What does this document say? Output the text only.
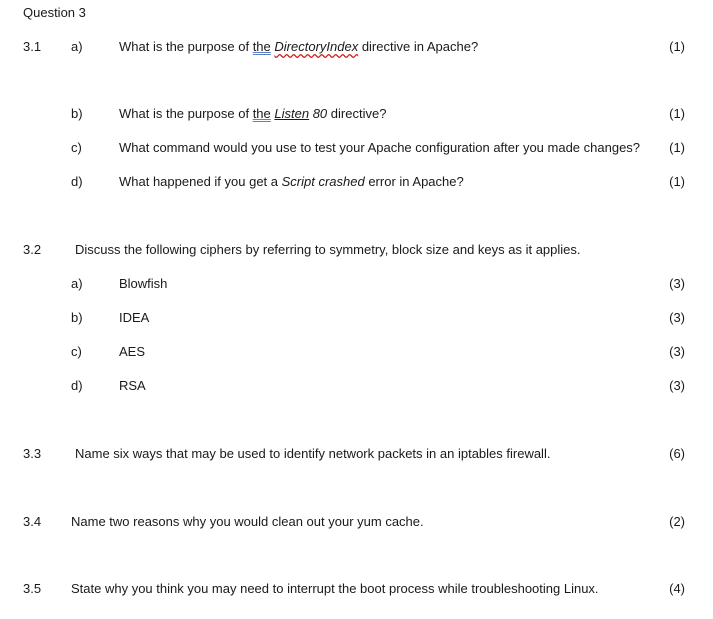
Question 3
3.1 a)	What is the purpose of the DirectoryIndex directive in Apache?	(1)
b)	What is the purpose of the Listen 80 directive?	(1)
c)	What command would you use to test your Apache configuration after you made changes? (1)
d)	What happened if you get a Script crashed error in Apache?	(1)
3.2	Discuss the following ciphers by referring to symmetry, block size and keys as it applies.
a)	Blowfish	(3)
b)	IDEA	(3)
c)	AES	(3)
d)	RSA	(3)
3.3	Name six ways that may be used to identify network packets in an iptables firewall.	(6)
3.4 Name two reasons why you would clean out your yum cache.	(2)
3.5 State why you think you may need to interrupt the boot process while troubleshooting Linux.	(4)
